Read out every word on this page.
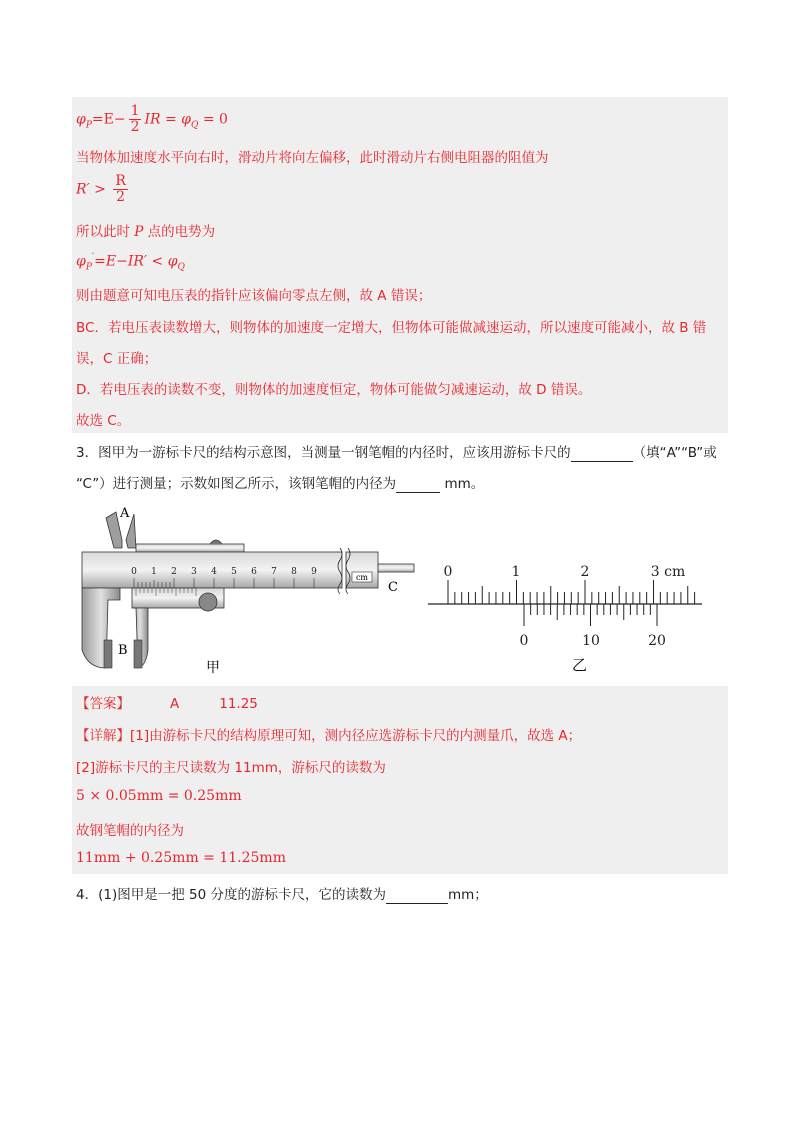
$\varphi_P=E- \frac{1}{2}$ IR = $\varphi_Q = 0$
当物体加速度水平向右时，滑动片将向左偏移，此时滑动片右侧电阻器的阻值为
$R' > \frac{R}{2}$
所以此时 P 点的电势为
$\varphi_P'=E-IR' < \varphi_Q$
则由题意可知电压表的指针应该偏向零点左侧，故 A 错误；
BC．若电压表读数增大，则物体的加速度一定增大，但物体可能做减速运动，所以速度可能减小，故 B 错
误，C 正确；
D．若电压表的读数不变，则物体的加速度恒定，物体可能做匀减速运动，故 D 错误。
故选 C。
3．图甲为一游标卡尺的结构示意图，当测量一钢笔帽的内径时，应该用游标卡尺的	（填“A”“B”或
“C”）进行测量；示数如图乙所示，该钢笔帽的内径为	mm。
0 1 2 3 4 5 6 7 8 9
cm
A
B
C
甲
0	1	2	3 cm
0	10	20
乙
【答案】	A	11.25
【详解】[1]由游标卡尺的结构原理可知，测内径应选游标卡尺的内测量爪，故选 A；
[2]游标卡尺的主尺读数为 11mm，游标尺的读数为
5 × 0.05mm = 0.25mm
故钢笔帽的内径为
11mm + 0.25mm = 11.25mm
4．(1)图甲是一把 50 分度的游标卡尺，它的读数为	mm；
